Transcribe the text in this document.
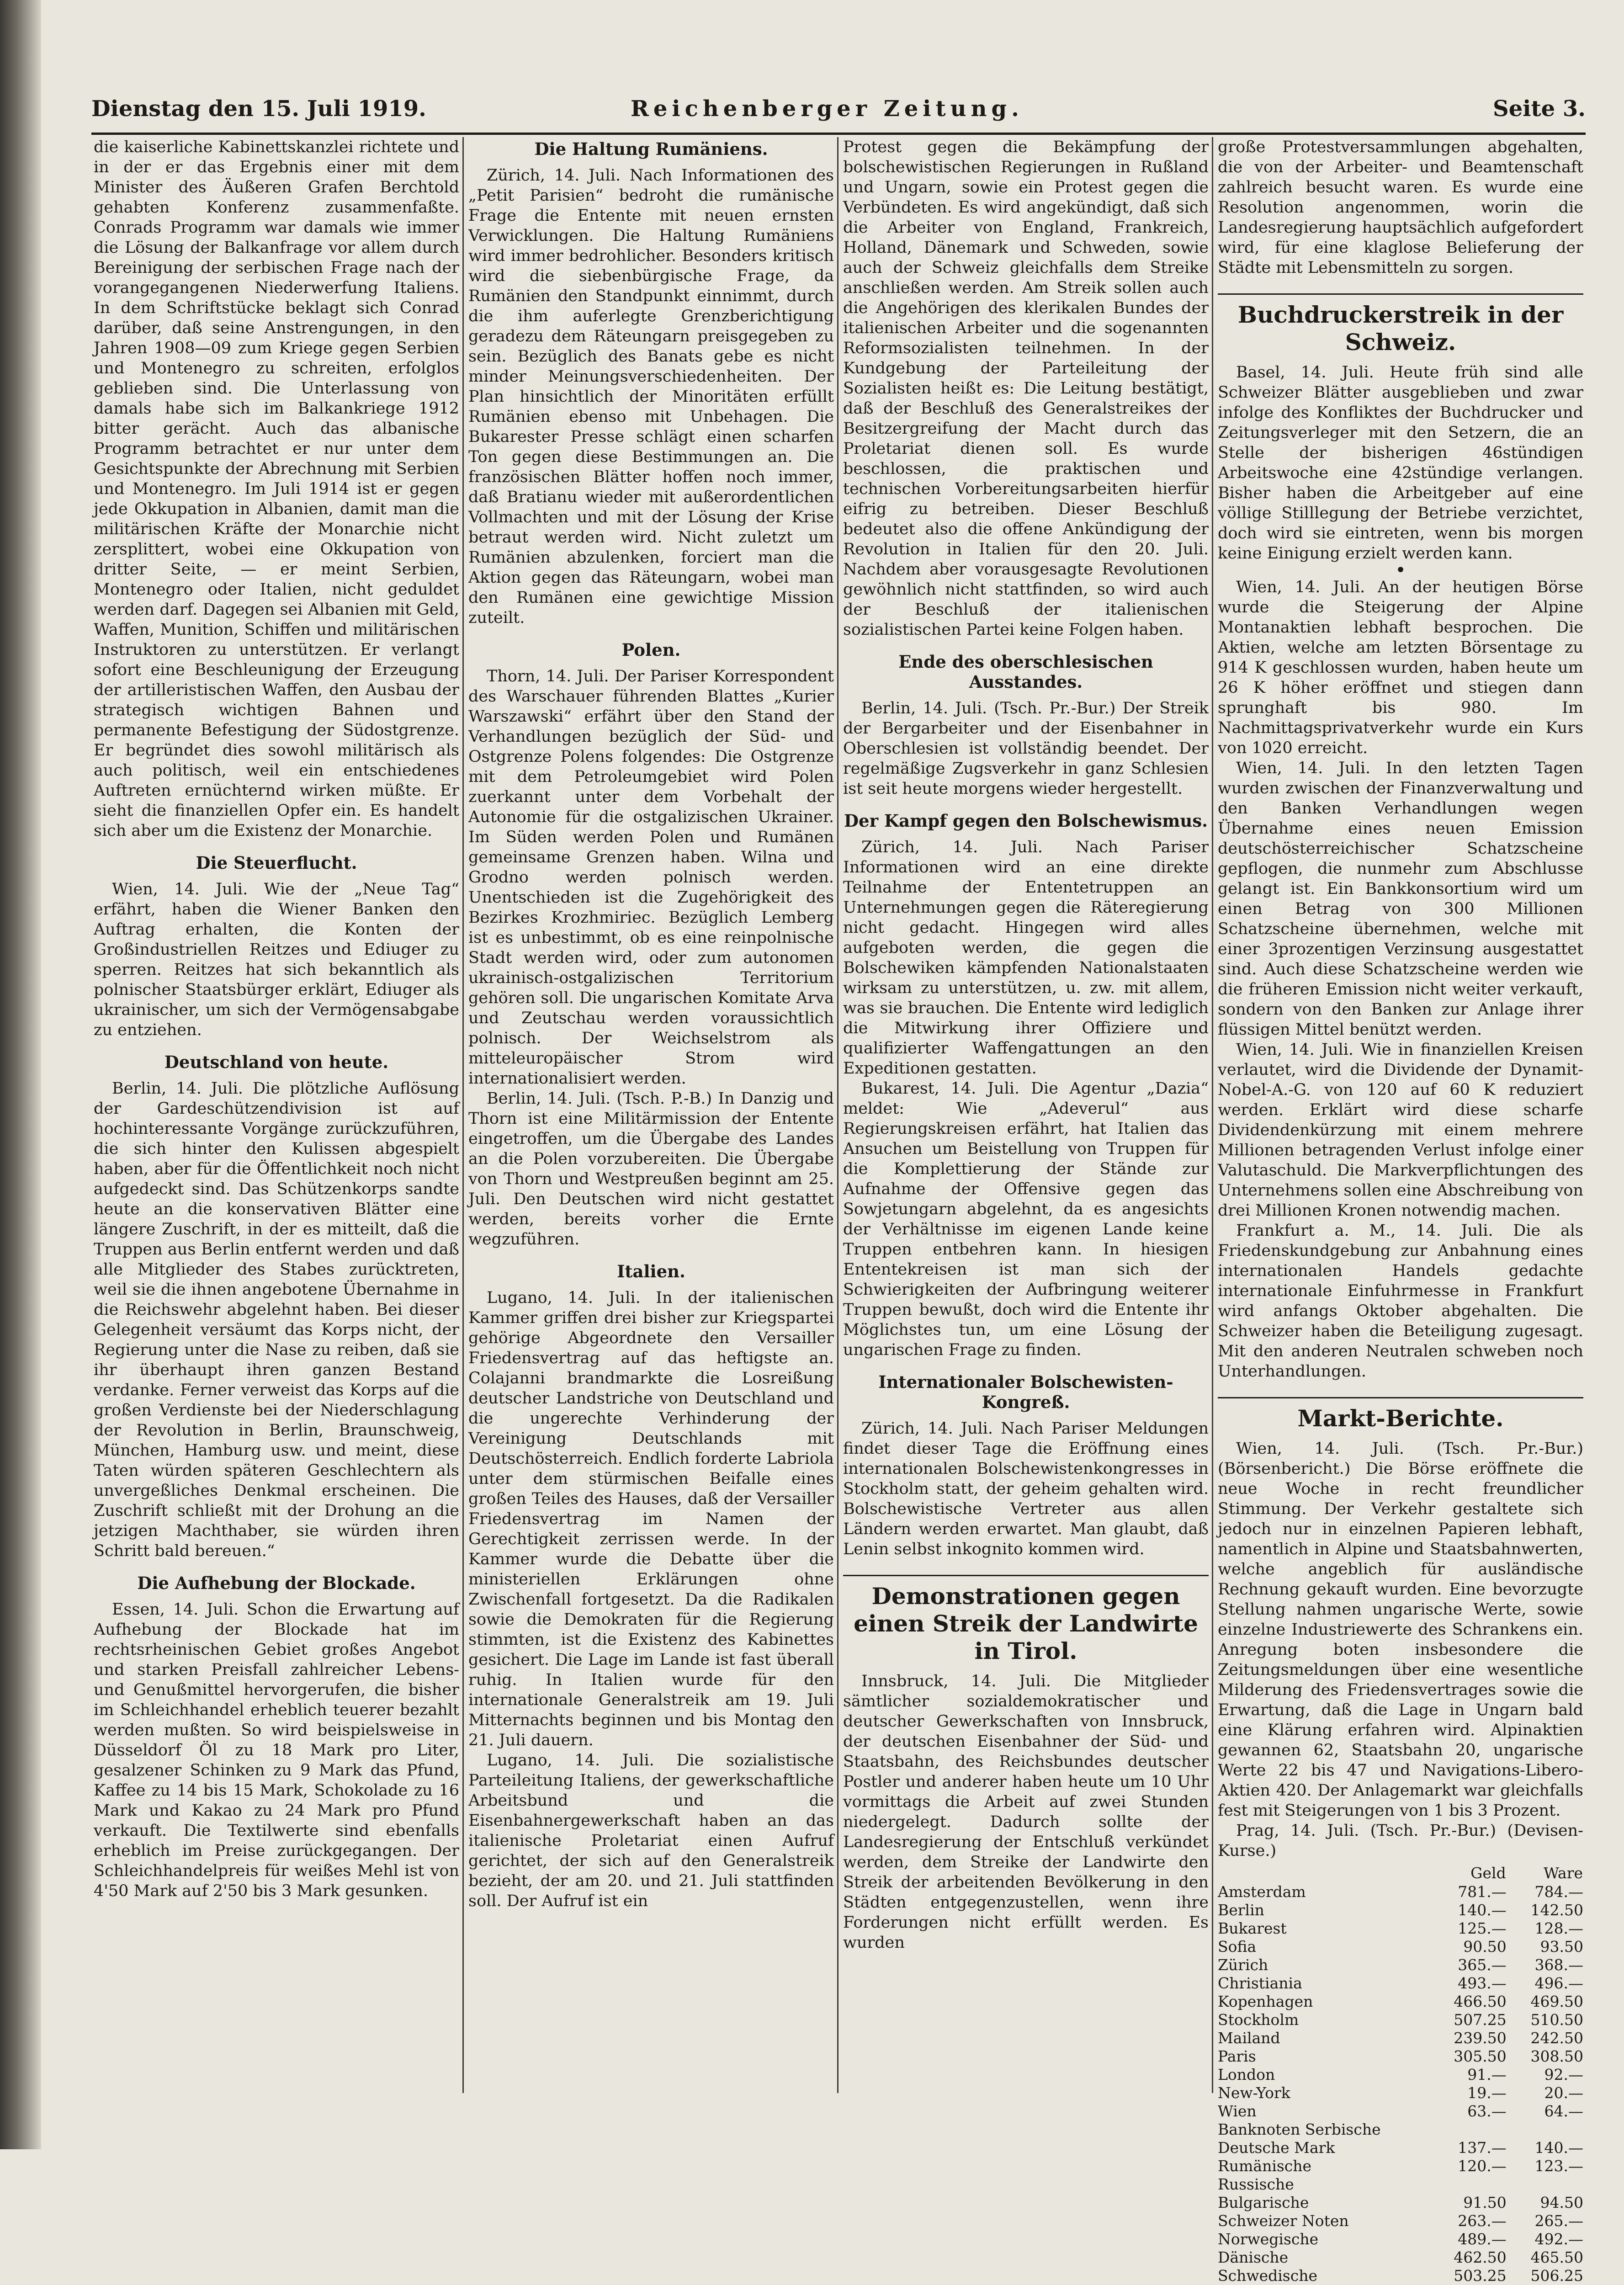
Dienstag den 15. Juli 1919.	Reichenberger Zeitung.	Seite 3.

die kaiserliche Kabinettskanzlei richtete und in der er das Ergebnis einer mit dem Minister des Äußeren Grafen Berchtold gehabten Konferenz zusammenfaßte. Conrads Programm war damals wie immer die Lösung der Balkanfrage vor allem durch Bereinigung der serbischen Frage nach der vorangegangenen Niederwerfung Italiens. In dem Schriftstücke beklagt sich Conrad darüber, daß seine Anstrengungen, in den Jahren 1908—09 zum Kriege gegen Serbien und Montenegro zu schreiten, erfolglos geblieben sind. Die Unterlassung von damals habe sich im Balkankriege 1912 bitter gerächt. Auch das albanische Programm betrachtet er nur unter dem Gesichtspunkte der Abrechnung mit Serbien und Montenegro. Im Juli 1914 ist er gegen jede Okkupation in Albanien, damit man die militärischen Kräfte der Monarchie nicht zersplittert, wobei eine Okkupation von dritter Seite, — er meint Serbien, Montenegro oder Italien, nicht geduldet werden darf. Dagegen sei Albanien mit Geld, Waffen, Munition, Schiffen und militärischen Instruktoren zu unterstützen. Er verlangt sofort eine Beschleunigung der Erzeugung der artilleristischen Waffen, den Ausbau der strategisch wichtigen Bahnen und permanente Befestigung der Südostgrenze. Er begründet dies sowohl militärisch als auch politisch, weil ein entschiedenes Auftreten ernüchternd wirken müßte. Er sieht die finanziellen Opfer ein. Es handelt sich aber um die Existenz der Monarchie.

Die Steuerflucht.

Wien, 14. Juli. Wie der „Neue Tag“ erfährt, haben die Wiener Banken den Auftrag erhalten, die Konten der Großindustriellen Reitzes und Ediuger zu sperren. Reitzes hat sich bekanntlich als polnischer Staatsbürger erklärt, Ediuger als ukrainischer, um sich der Vermögensabgabe zu entziehen.

Deutschland von heute.

Berlin, 14. Juli. Die plötzliche Auflösung der Gardeschützendivision ist auf hochinteressante Vorgänge zurückzuführen, die sich hinter den Kulissen abgespielt haben, aber für die Öffentlichkeit noch nicht aufgedeckt sind. Das Schützenkorps sandte heute an die konservativen Blätter eine längere Zuschrift, in der es mitteilt, daß die Truppen aus Berlin entfernt werden und daß alle Mitglieder des Stabes zurücktreten, weil sie die ihnen angebotene Übernahme in die Reichswehr abgelehnt haben. Bei dieser Gelegenheit versäumt das Korps nicht, der Regierung unter die Nase zu reiben, daß sie ihr überhaupt ihren ganzen Bestand verdanke. Ferner verweist das Korps auf die großen Verdienste bei der Niederschlagung der Revolution in Berlin, Braunschweig, München, Hamburg usw. und meint, diese Taten würden späteren Geschlechtern als unvergeßliches Denkmal erscheinen. Die Zuschrift schließt mit der Drohung an die jetzigen Machthaber, sie würden ihren Schritt bald bereuen.“

Die Aufhebung der Blockade.

Essen, 14. Juli. Schon die Erwartung auf Aufhebung der Blockade hat im rechtsrheinischen Gebiet großes Angebot und starken Preisfall zahlreicher Lebens- und Genußmittel hervorgerufen, die bisher im Schleichhandel erheblich teuerer bezahlt werden mußten. So wird beispielsweise in Düsseldorf Öl zu 18 Mark pro Liter, gesalzener Schinken zu 9 Mark das Pfund, Kaffee zu 14 bis 15 Mark, Schokolade zu 16 Mark und Kakao zu 24 Mark pro Pfund verkauft. Die Textilwerte sind ebenfalls erheblich im Preise zurückgegangen. Der Schleichhandelpreis für weißes Mehl ist von 4'50 Mark auf 2'50 bis 3 Mark gesunken.

Die Haltung Rumäniens.

Zürich, 14. Juli. Nach Informationen des „Petit Parisien“ bedroht die rumänische Frage die Entente mit neuen ernsten Verwicklungen. Die Haltung Rumäniens wird immer bedrohlicher. Besonders kritisch wird die siebenbürgische Frage, da Rumänien den Standpunkt einnimmt, durch die ihm auferlegte Grenzberichtigung geradezu dem Räteungarn preisgegeben zu sein. Bezüglich des Banats gebe es nicht minder Meinungsverschiedenheiten. Der Plan hinsichtlich der Minoritäten erfüllt Rumänien ebenso mit Unbehagen. Die Bukarester Presse schlägt einen scharfen Ton gegen diese Bestimmungen an. Die französischen Blätter hoffen noch immer, daß Bratianu wieder mit außerordentlichen Vollmachten und mit der Lösung der Krise betraut werden wird. Nicht zuletzt um Rumänien abzulenken, forciert man die Aktion gegen das Räteungarn, wobei man den Rumänen eine gewichtige Mission zuteilt.

Polen.

Thorn, 14. Juli. Der Pariser Korrespondent des Warschauer führenden Blattes „Kurier Warszawski“ erfährt über den Stand der Verhandlungen bezüglich der Süd- und Ostgrenze Polens folgendes: Die Ostgrenze mit dem Petroleumgebiet wird Polen zuerkannt unter dem Vorbehalt der Autonomie für die ostgalizischen Ukrainer. Im Süden werden Polen und Rumänen gemeinsame Grenzen haben. Wilna und Grodno werden polnisch werden. Unentschieden ist die Zugehörigkeit des Bezirkes Krozhmiriec. Bezüglich Lemberg ist es unbestimmt, ob es eine reinpolnische Stadt werden wird, oder zum autonomen ukrainisch-ostgalizischen Territorium gehören soll. Die ungarischen Komitate Arva und Zeutschau werden voraussichtlich polnisch. Der Weichselstrom als mitteleuropäischer Strom wird internationalisiert werden.

Berlin, 14. Juli. (Tsch. P.-B.) In Danzig und Thorn ist eine Militärmission der Entente eingetroffen, um die Übergabe des Landes an die Polen vorzubereiten. Die Übergabe von Thorn und Westpreußen beginnt am 25. Juli. Den Deutschen wird nicht gestattet werden, bereits vorher die Ernte wegzuführen.

Italien.

Lugano, 14. Juli. In der italienischen Kammer griffen drei bisher zur Kriegspartei gehörige Abgeordnete den Versailler Friedensvertrag auf das heftigste an. Colajanni brandmarkte die Losreißung deutscher Landstriche von Deutschland und die ungerechte Verhinderung der Vereinigung Deutschlands mit Deutschösterreich. Endlich forderte Labriola unter dem stürmischen Beifalle eines großen Teiles des Hauses, daß der Versailler Friedensvertrag im Namen der Gerechtigkeit zerrissen werde. In der Kammer wurde die Debatte über die ministeriellen Erklärungen ohne Zwischenfall fortgesetzt. Da die Radikalen sowie die Demokraten für die Regierung stimmten, ist die Existenz des Kabinettes gesichert. Die Lage im Lande ist fast überall ruhig. In Italien wurde für den internationale Generalstreik am 19. Juli Mitternachts beginnen und bis Montag den 21. Juli dauern.

Lugano, 14. Juli. Die sozialistische Parteileitung Italiens, der gewerkschaftliche Arbeitsbund und die Eisenbahnergewerkschaft haben an das italienische Proletariat einen Aufruf gerichtet, der sich auf den Generalstreik bezieht, der am 20. und 21. Juli stattfinden soll. Der Aufruf ist ein

Protest gegen die Bekämpfung der bolschewistischen Regierungen in Rußland und Ungarn, sowie ein Protest gegen die Verbündeten. Es wird angekündigt, daß sich die Arbeiter von England, Frankreich, Holland, Dänemark und Schweden, sowie auch der Schweiz gleichfalls dem Streike anschließen werden. Am Streik sollen auch die Angehörigen des klerikalen Bundes der italienischen Arbeiter und die sogenannten Reformsozialisten teilnehmen. In der Kundgebung der Parteileitung der Sozialisten heißt es: Die Leitung bestätigt, daß der Beschluß des Generalstreikes der Besitzergreifung der Macht durch das Proletariat dienen soll. Es wurde beschlossen, die praktischen und technischen Vorbereitungsarbeiten hierfür eifrig zu betreiben. Dieser Beschluß bedeutet also die offene Ankündigung der Revolution in Italien für den 20. Juli. Nachdem aber vorausgesagte Revolutionen gewöhnlich nicht stattfinden, so wird auch der Beschluß der italienischen sozialistischen Partei keine Folgen haben.

Ende des oberschlesischen Ausstandes.

Berlin, 14. Juli. (Tsch. Pr.-Bur.) Der Streik der Bergarbeiter und der Eisenbahner in Oberschlesien ist vollständig beendet. Der regelmäßige Zugsverkehr in ganz Schlesien ist seit heute morgens wieder hergestellt.

Der Kampf gegen den Bolschewismus.

Zürich, 14. Juli. Nach Pariser Informationen wird an eine direkte Teilnahme der Ententetruppen an Unternehmungen gegen die Räteregierung nicht gedacht. Hingegen wird alles aufgeboten werden, die gegen die Bolschewiken kämpfenden Nationalstaaten wirksam zu unterstützen, u. zw. mit allem, was sie brauchen. Die Entente wird lediglich die Mitwirkung ihrer Offiziere und qualifizierter Waffengattungen an den Expeditionen gestatten.

Bukarest, 14. Juli. Die Agentur „Dazia“ meldet: Wie „Adeverul“ aus Regierungskreisen erfährt, hat Italien das Ansuchen um Beistellung von Truppen für die Komplettierung der Stände zur Aufnahme der Offensive gegen das Sowjetungarn abgelehnt, da es angesichts der Verhältnisse im eigenen Lande keine Truppen entbehren kann. In hiesigen Ententekreisen ist man sich der Schwierigkeiten der Aufbringung weiterer Truppen bewußt, doch wird die Entente ihr Möglichstes tun, um eine Lösung der ungarischen Frage zu finden.

Internationaler Bolschewisten-Kongreß.

Zürich, 14. Juli. Nach Pariser Meldungen findet dieser Tage die Eröffnung eines internationalen Bolschewistenkongresses in Stockholm statt, der geheim gehalten wird. Bolschewistische Vertreter aus allen Ländern werden erwartet. Man glaubt, daß Lenin selbst inkognito kommen wird.

Demonstrationen gegen einen Streik der Landwirte in Tirol.

Innsbruck, 14. Juli. Die Mitglieder sämtlicher sozialdemokratischer und deutscher Gewerkschaften von Innsbruck, der deutschen Eisenbahner der Süd- und Staatsbahn, des Reichsbundes deutscher Postler und anderer haben heute um 10 Uhr vormittags die Arbeit auf zwei Stunden niedergelegt. Dadurch sollte der Landesregierung der Entschluß verkündet werden, dem Streike der Landwirte den Streik der arbeitenden Bevölkerung in den Städten entgegenzustellen, wenn ihre Forderungen nicht erfüllt werden. Es wurden

große Protestversammlungen abgehalten, die von der Arbeiter- und Beamtenschaft zahlreich besucht waren. Es wurde eine Resolution angenommen, worin die Landesregierung hauptsächlich aufgefordert wird, für eine klaglose Belieferung der Städte mit Lebensmitteln zu sorgen.

Buchdruckerstreik in der Schweiz.

Basel, 14. Juli. Heute früh sind alle Schweizer Blätter ausgeblieben und zwar infolge des Konfliktes der Buchdrucker und Zeitungsverleger mit den Setzern, die an Stelle der bisherigen 46stündigen Arbeitswoche eine 42stündige verlangen. Bisher haben die Arbeitgeber auf eine völlige Stilllegung der Betriebe verzichtet, doch wird sie eintreten, wenn bis morgen keine Einigung erzielt werden kann.

•

Wien, 14. Juli. An der heutigen Börse wurde die Steigerung der Alpine Montanaktien lebhaft besprochen. Die Aktien, welche am letzten Börsentage zu 914 K geschlossen wurden, haben heute um 26 K höher eröffnet und stiegen dann sprunghaft bis 980. Im Nachmittagsprivatverkehr wurde ein Kurs von 1020 erreicht.

Wien, 14. Juli. In den letzten Tagen wurden zwischen der Finanzverwaltung und den Banken Verhandlungen wegen Übernahme eines neuen Emission deutschösterreichischer Schatzscheine gepflogen, die nunmehr zum Abschlusse gelangt ist. Ein Bankkonsortium wird um einen Betrag von 300 Millionen Schatzscheine übernehmen, welche mit einer 3prozentigen Verzinsung ausgestattet sind. Auch diese Schatzscheine werden wie die früheren Emission nicht weiter verkauft, sondern von den Banken zur Anlage ihrer flüssigen Mittel benützt werden.

Wien, 14. Juli. Wie in finanziellen Kreisen verlautet, wird die Dividende der Dynamit-Nobel-A.-G. von 120 auf 60 K reduziert werden. Erklärt wird diese scharfe Dividendenkürzung mit einem mehrere Millionen betragenden Verlust infolge einer Valutaschuld. Die Markverpflichtungen des Unternehmens sollen eine Abschreibung von drei Millionen Kronen notwendig machen.

Frankfurt a. M., 14. Juli. Die als Friedenskundgebung zur Anbahnung eines internationalen Handels gedachte internationale Einfuhrmesse in Frankfurt wird anfangs Oktober abgehalten. Die Schweizer haben die Beteiligung zugesagt. Mit den anderen Neutralen schweben noch Unterhandlungen.

Markt-Berichte.

Wien, 14. Juli. (Tsch. Pr.-Bur.) (Börsenbericht.) Die Börse eröffnete die neue Woche in recht freundlicher Stimmung. Der Verkehr gestaltete sich jedoch nur in einzelnen Papieren lebhaft, namentlich in Alpine und Staatsbahnwerten, welche angeblich für ausländische Rechnung gekauft wurden. Eine bevorzugte Stellung nahmen ungarische Werte, sowie einzelne Industriewerte des Schrankens ein. Anregung boten insbesondere die Zeitungsmeldungen über eine wesentliche Milderung des Friedensvertrages sowie die Erwartung, daß die Lage in Ungarn bald eine Klärung erfahren wird. Alpinaktien gewannen 62, Staatsbahn 20, ungarische Werte 22 bis 47 und Navigations-Libero-Aktien 420. Der Anlagemarkt war gleichfalls fest mit Steigerungen von 1 bis 3 Prozent.

Prag, 14. Juli. (Tsch. Pr.-Bur.) (Devisen-Kurse.)

	Geld	Ware
Amsterdam	781.—	784.—
Berlin	140.—	142.50
Bukarest	125.—	128.—
Sofia	90.50	93.50
Zürich	365.—	368.—
Christiania	493.—	496.—
Kopenhagen	466.50	469.50
Stockholm	507.25	510.50
Mailand	239.50	242.50
Paris	305.50	308.50
London	91.—	92.—
New-York	19.—	20.—
Wien	63.—	64.—
Banknoten Serbische		
Deutsche Mark	137.—	140.—
Rumänische	120.—	123.—
Russische		
Bulgarische	91.50	94.50
Schweizer Noten	263.—	265.—
Norwegische	489.—	492.—
Dänische	462.50	465.50
Schwedische	503.25	506.25
